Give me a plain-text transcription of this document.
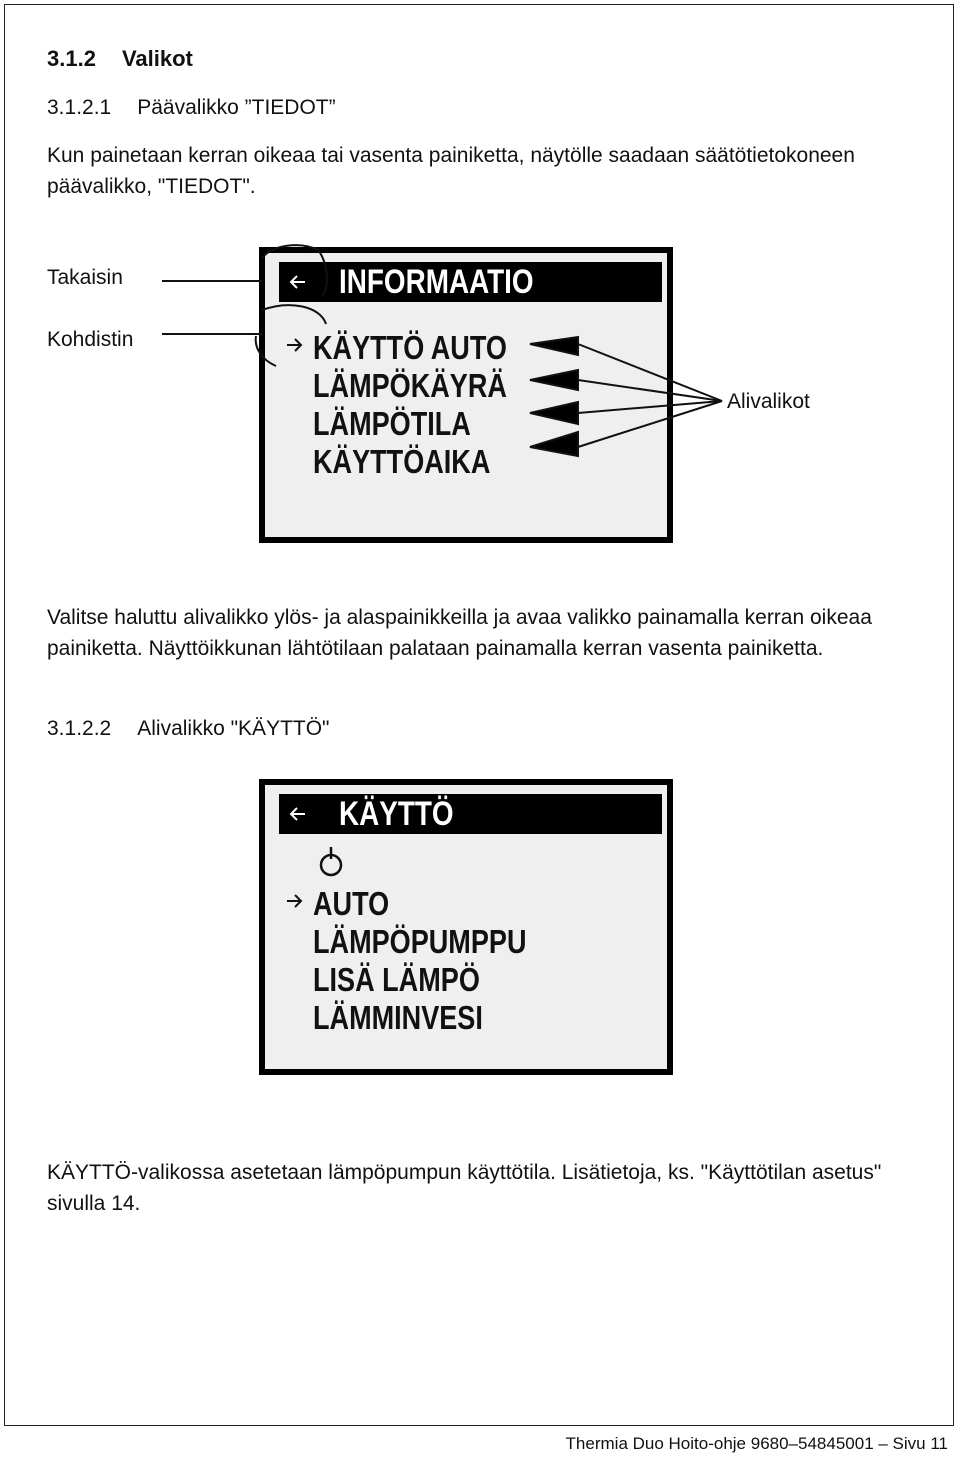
3.1.2 Valikot
3.1.2.1 Päävalikko ”TIEDOT”

Kun painetaan kerran oikeaa tai vasenta painiketta, näytölle saadaan säätötietokoneen päävalikko, "TIEDOT".

Takaisin
Kohdistin
Alivalikot
INFORMAATIO
KÄYTTÖ AUTO
LÄMPÖKÄYRÄ
LÄMPÖTILA
KÄYTTÖAIKA

Valitse haluttu alivalikko ylös- ja alaspainikkeilla ja avaa valikko painamalla kerran oikeaa painiketta. Näyttöikkunan lähtötilaan palataan painamalla kerran vasenta painiketta.

3.1.2.2 Alivalikko "KÄYTTÖ"
KÄYTTÖ
AUTO
LÄMPÖPUMPPU
LISÄ LÄMPÖ
LÄMMINVESI

KÄYTTÖ-valikossa asetetaan lämpöpumpun käyttötila. Lisätietoja, ks. "Käyttötilan asetus" sivulla 14.

Thermia Duo Hoito-ohje 9680–54845001 – Sivu 11
